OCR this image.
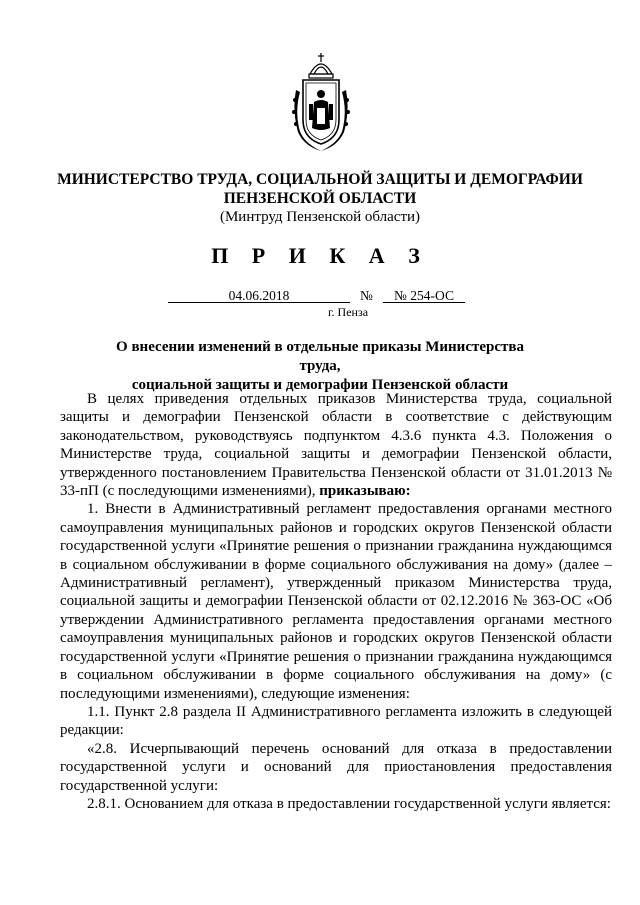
МИНИСТЕРСТВО ТРУДА, СОЦИАЛЬНОЙ ЗАЩИТЫ И ДЕМОГРАФИИ
ПЕНЗЕНСКОЙ ОБЛАСТИ
(Минтруд Пензенской области)
П Р И К А З
04.06.2018	№	№ 254-ОС
г. Пенза
О внесении изменений в отдельные приказы Министерства труда,
социальной защиты и демографии Пензенской области

В целях приведения отдельных приказов Министерства труда, социальной защиты и демографии Пензенской области в соответствие с действующим законодательством, руководствуясь подпунктом 4.3.6 пункта 4.3. Положения о Министерстве труда, социальной защиты и демографии Пензенской области, утвержденного постановлением Правительства Пензенской области от 31.01.2013 № 33-пП (с последующими изменениями), приказываю:

1. Внести в Административный регламент предоставления органами местного самоуправления муниципальных районов и городских округов Пензенской области государственной услуги «Принятие решения о признании гражданина нуждающимся в социальном обслуживании в форме социального обслуживания на дому» (далее – Административный регламент), утвержденный приказом Министерства труда, социальной защиты и демографии Пензенской области от 02.12.2016 № 363-ОС «Об утверждении Административного регламента предоставления органами местного самоуправления муниципальных районов и городских округов Пензенской области государственной услуги «Принятие решения о признании гражданина нуждающимся в социальном обслуживании в форме социального обслуживания на дому» (с последующими изменениями), следующие изменения:

1.1. Пункт 2.8 раздела II Административного регламента изложить в следующей редакции:

«2.8. Исчерпывающий перечень оснований для отказа в предоставлении государственной услуги и оснований для приостановления предоставления государственной услуги:

2.8.1. Основанием для отказа в предоставлении государственной услуги является:
